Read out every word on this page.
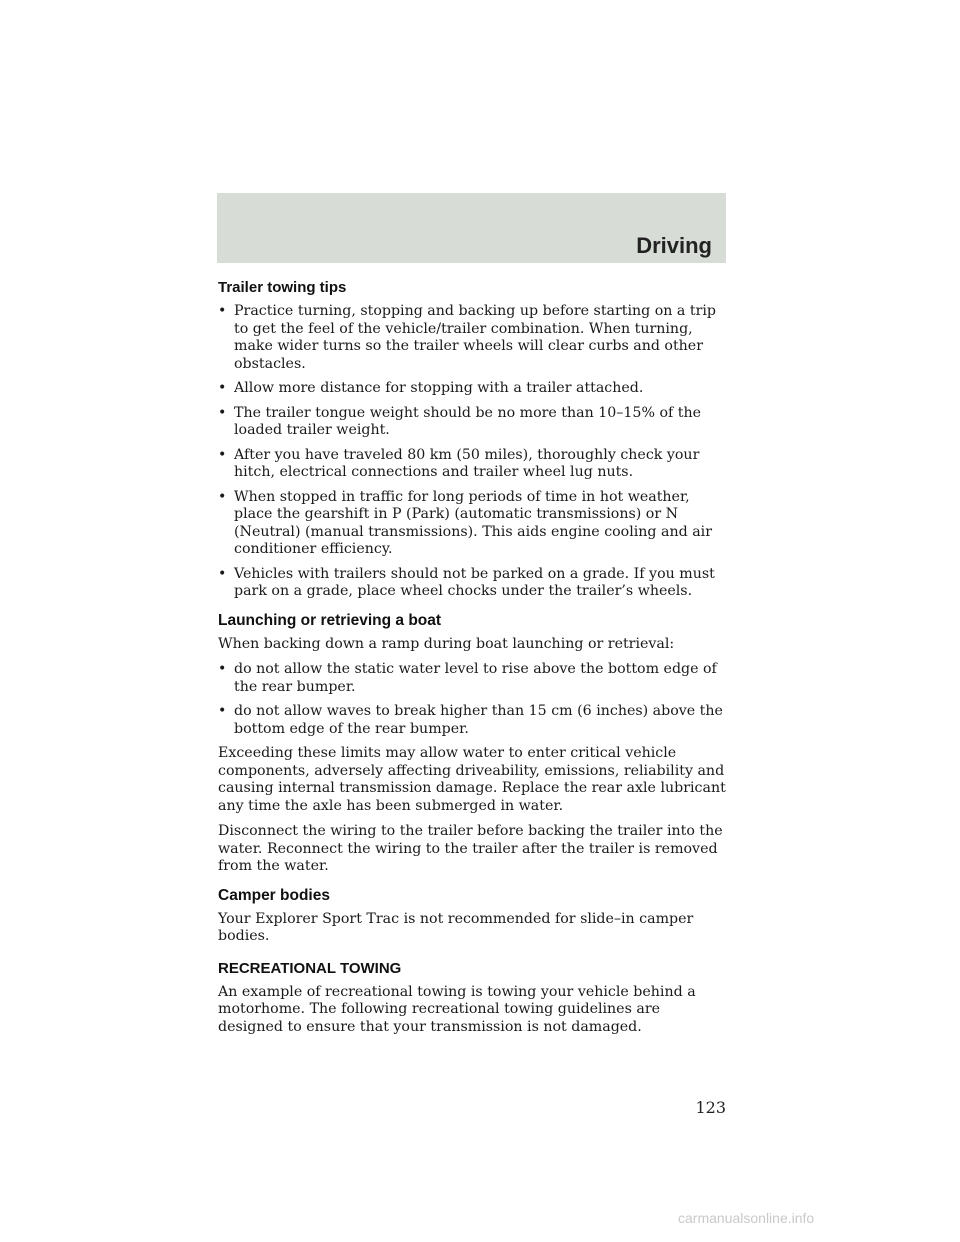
Driving
Trailer towing tips
• Practice turning, stopping and backing up before starting on a trip to get the feel of the vehicle/trailer combination. When turning, make wider turns so the trailer wheels will clear curbs and other obstacles.
• Allow more distance for stopping with a trailer attached.
• The trailer tongue weight should be no more than 10–15% of the loaded trailer weight.
• After you have traveled 80 km (50 miles), thoroughly check your hitch, electrical connections and trailer wheel lug nuts.
• When stopped in traffic for long periods of time in hot weather, place the gearshift in P (Park) (automatic transmissions) or N (Neutral) (manual transmissions). This aids engine cooling and air conditioner efficiency.
• Vehicles with trailers should not be parked on a grade. If you must park on a grade, place wheel chocks under the trailer’s wheels.
Launching or retrieving a boat

When backing down a ramp during boat launching or retrieval:

• do not allow the static water level to rise above the bottom edge of the rear bumper.
• do not allow waves to break higher than 15 cm (6 inches) above the bottom edge of the rear bumper.

Exceeding these limits may allow water to enter critical vehicle components, adversely affecting driveability, emissions, reliability and causing internal transmission damage. Replace the rear axle lubricant any time the axle has been submerged in water.

Disconnect the wiring to the trailer before backing the trailer into the water. Reconnect the wiring to the trailer after the trailer is removed from the water.

Camper bodies

Your Explorer Sport Trac is not recommended for slide–in camper bodies.

RECREATIONAL TOWING

An example of recreational towing is towing your vehicle behind a motorhome. The following recreational towing guidelines are designed to ensure that your transmission is not damaged.

123
carmanualsonline.info
